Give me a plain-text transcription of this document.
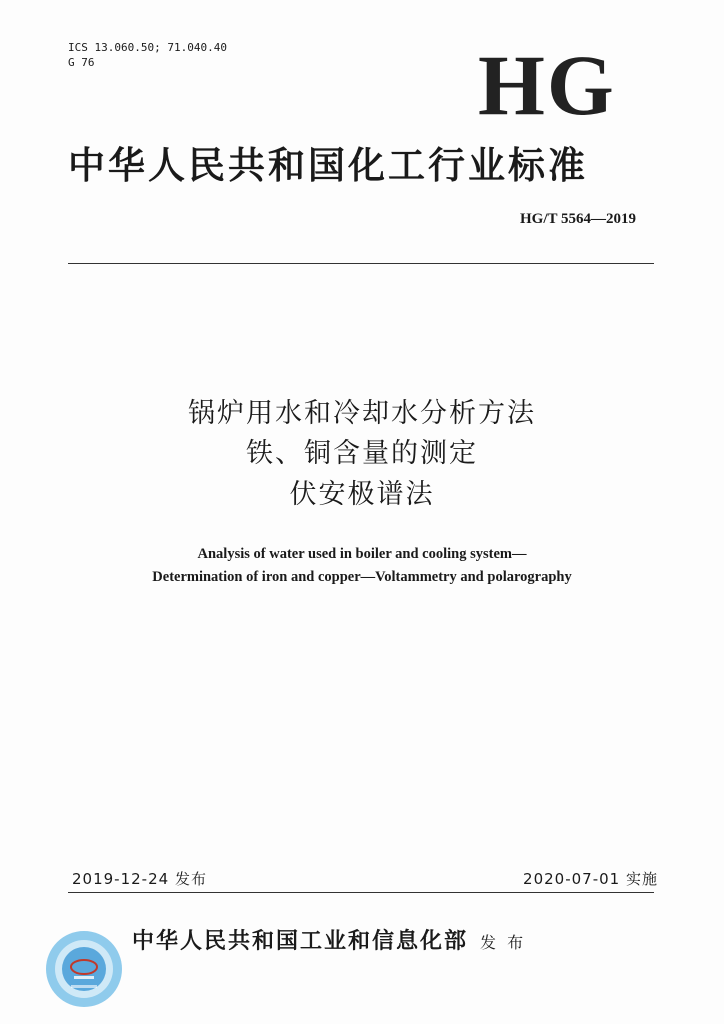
ICS 13.060.50; 71.040.40
G 76	HG
中华人民共和国化工行业标准
HG/T 5564—2019
锅炉用水和冷却水分析方法
铁、铜含量的测定
伏安极谱法
Analysis of water used in boiler and cooling system—
Determination of iron and copper—Voltammetry and polarography
2019-12-24 发布	2020-07-01 实施
中华人民共和国工业和信息化部 发 布
